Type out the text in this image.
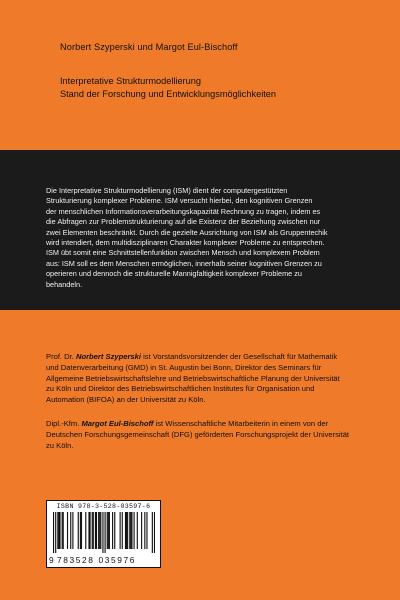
Norbert Szyperski und Margot Eul-Bischoff
Interpretative Strukturmodellierung
Stand der Forschung und Entwicklungsmöglichkeiten

Die Interpretative Strukturmodellierung (ISM) dient der computergestützten
Strukturierung komplexer Probleme. ISM versucht hierbei, den kognitiven Grenzen
der menschlichen Informationsverarbeitungskapazität Rechnung zu tragen, indem es
die Abfragen zur Problemstrukturierung auf die Existenz der Beziehung zwischen nur
zwei Elementen beschränkt. Durch die gezielte Ausrichtung von ISM als Gruppentechik
wird intendiert, dem multidisziplinaren Charakter komplexer Probleme zu entsprechen.
ISM übt somit eine Schnittstellenfunktion zwischen Mensch und komplexem Problem
aus: ISM soll es dem Menschen ermöglichen, innerhalb seiner kognitiven Grenzen zu
operieren und dennoch die strukturelle Mannigfaltigkeit komplexer Probleme zu
behandeln.

Prof. Dr. Norbert Szyperski ist Vorstandsvorsitzender der Gesellschaft für Mathematik
und Datenverarbeitung (GMD) in St. Augustin bei Bonn, Direktor des Seminars für
Allgemeine Betriebswirtschaftslehre und Betriebswirtschaftliche Planung der Universität
zu Köln und Direktor des Betriebswirtschaftlichen Institutes für Organisation und
Automation (BIFOA) an der Universität zu Köln.

Dipl.-Kfm. Margot Eul-Bischoff ist Wissenschaftliche Mitarbeiterin in einem von der
Deutschen Forschungsgemeinschaft (DFG) geförderten Forschungsprojekt der Universität
zu Köln.

ISBN 978-3-528-03597-6
9 783528 035976
